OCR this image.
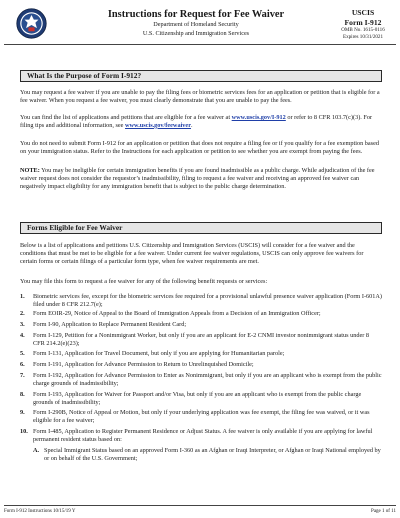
Instructions for Request for Fee Waiver
Department of Homeland Security
U.S. Citizenship and Immigration Services
USCIS
Form I-912
OMB No. 1615-0116
Expires 10/31/2021
What Is the Purpose of Form I-912?
You may request a fee waiver if you are unable to pay the filing fees or biometric services fees for an application or petition that is eligible for a fee waiver. When you request a fee waiver, you must clearly demonstrate that you are unable to pay the fees.
You can find the list of applications and petitions that are eligible for a fee waiver at www.uscis.gov/I-912 or refer to 8 CFR 103.7(c)(3). For filing tips and additional information, see www.uscis.gov/feewaiver.
You do not need to submit Form I-912 for an application or petition that does not require a filing fee or if you qualify for a fee exemption based on your immigration status. Refer to the Instructions for each application or petition to see whether you are exempt from paying the fees.
NOTE: You may be ineligible for certain immigration benefits if you are found inadmissible as a public charge. While adjudication of the fee waiver request does not consider the requestor’s inadmissibility, filing to request a fee waiver and receiving an approved fee waiver can negatively impact eligibility for any immigration benefit that is subject to the public charge determination.
Forms Eligible for Fee Waiver
Below is a list of applications and petitions U.S. Citizenship and Immigration Services (USCIS) will consider for a fee waiver and the conditions that must be met to be eligible for a fee waiver. Under current fee waiver regulations, USCIS can only approve fee waivers for certain forms or certain filings of a particular form type, when fee waiver requirements are met.
You may file this form to request a fee waiver for any of the following benefit requests or services:
1.	Biometric services fee, except for the biometric services fee required for a provisional unlawful presence waiver application (Form I-601A) filed under 8 CFR 212.7(e);
2.	Form EOIR-29, Notice of Appeal to the Board of Immigration Appeals from a Decision of an Immigration Officer;
3.	Form I-90, Application to Replace Permanent Resident Card;
4.	Form I-129, Petition for a Nonimmigrant Worker, but only if you are an applicant for E-2 CNMI investor nonimmigrant status under 8 CFR 214.2(e)(23);
5.	Form I-131, Application for Travel Document, but only if you are applying for Humanitarian parole;
6.	Form I-191, Application for Advance Permission to Return to Unrelinquished Domicile;
7.	Form I-192, Application for Advance Permission to Enter as Nonimmigrant, but only if you are an applicant who is exempt from the public charge grounds of inadmissibility;
8.	Form I-193, Application for Waiver for Passport and/or Visa, but only if you are an applicant who is exempt from the public charge grounds of inadmissibility;
9.	Form I-290B, Notice of Appeal or Motion, but only if your underlying application was fee exempt, the filing fee was waived, or it was eligible for a fee waiver;
10. Form I-485, Application to Register Permanent Residence or Adjust Status. A fee waiver is only available if you are applying for lawful permanent resident status based on:
A. Special Immigrant Status based on an approved Form I-360 as an Afghan or Iraqi Interpreter, or Afghan or Iraqi National employed by or on behalf of the U.S. Government;
Form I-912 Instructions 10/15/19 Y	Page 1 of 11
